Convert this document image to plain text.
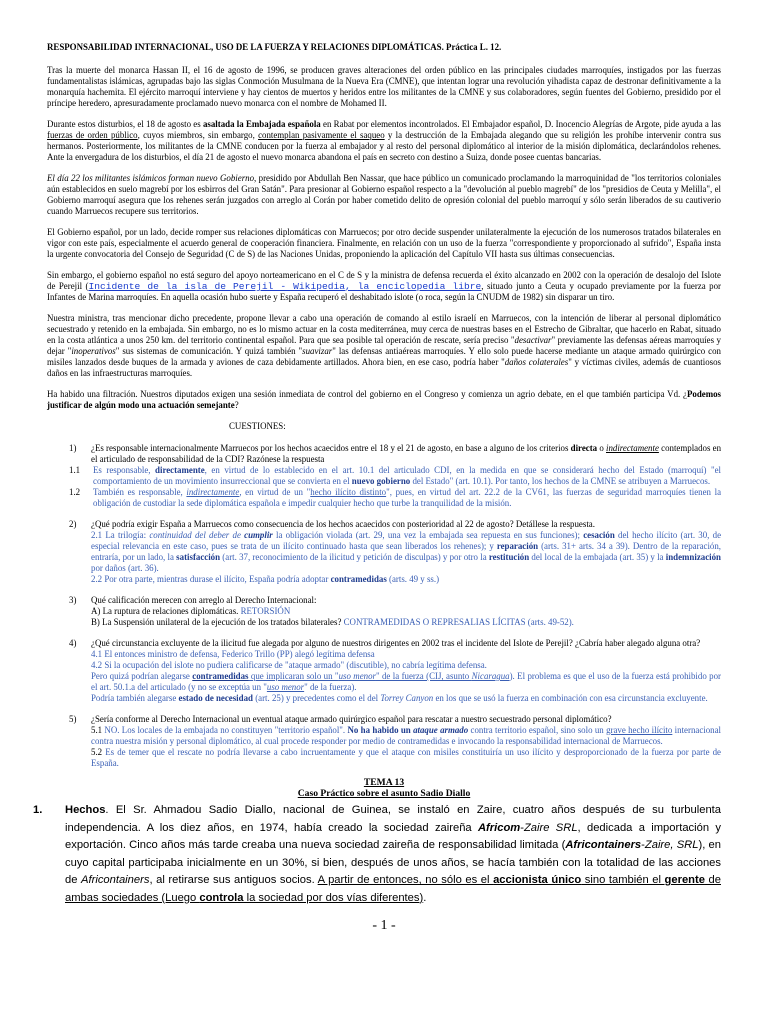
RESPONSABILIDAD INTERNACIONAL, USO DE LA FUERZA Y RELACIONES DIPLOMÁTICAS. Práctica L. 12.

Tras la muerte del monarca Hassan II, el 16 de agosto de 1996, se producen graves alteraciones del orden público en las principales ciudades marroquíes, instigados por las fuerzas fundamentalistas islámicas, agrupadas bajo las siglas Conmoción Musulmana de la Nueva Era (CMNE), que intentan lograr una revolución yihadista capaz de destronar definitivamente a la monarquía hachemita. El ejército marroquí interviene y hay cientos de muertos y heridos entre los militantes de la CMNE y sus colaboradores, según fuentes del Gobierno, presidido por el príncipe heredero, apresuradamente proclamado nuevo monarca con el nombre de Mohamed II.

Durante estos disturbios, el 18 de agosto es asaltada la Embajada española en Rabat por elementos incontrolados. El Embajador español, D. Inocencio Alegrías de Argote, pide ayuda a las fuerzas de orden público, cuyos miembros, sin embargo, contemplan pasivamente el saqueo y la destrucción de la Embajada alegando que su religión les prohíbe intervenir contra sus hermanos. Posteriormente, los militantes de la CMNE conducen por la fuerza al embajador y al resto del personal diplomático al interior de la misión diplomática, declarándolos rehenes. Ante la envergadura de los disturbios, el día 21 de agosto el nuevo monarca abandona el país en secreto con destino a Suiza, donde posee cuentas bancarias.

El día 22 los militantes islámicos forman nuevo Gobierno, presidido por Abdullah Ben Nassar, que hace público un comunicado proclamando la marroquinidad de "los territorios coloniales aún establecidos en suelo magrebí por los esbirros del Gran Satán". Para presionar al Gobierno español respecto a la "devolución al pueblo magrebí" de los "presidios de Ceuta y Melilla", el Gobierno marroquí asegura que los rehenes serán juzgados con arreglo al Corán por haber cometido delito de opresión colonial del pueblo marroquí y sólo serán liberados de su cautiverio cuando Marruecos recupere sus territorios.

El Gobierno español, por un lado, decide romper sus relaciones diplomáticas con Marruecos; por otro decide suspender unilateralmente la ejecución de los numerosos tratados bilaterales en vigor con este país, especialmente el acuerdo general de cooperación financiera. Finalmente, en relación con un uso de la fuerza "correspondiente y proporcionado al sufrido", España insta la urgente convocatoria del Consejo de Seguridad (C de S) de las Naciones Unidas, proponiendo la aplicación del Capítulo VII hasta sus últimas consecuencias.

Sin embargo, el gobierno español no está seguro del apoyo norteamericano en el C de S y la ministra de defensa recuerda el éxito alcanzado en 2002 con la operación de desalojo del Islote de Perejil (Incidente de la isla de Perejil - Wikipedia, la enciclopedia libre, situado junto a Ceuta y ocupado previamente por la fuerza por Infantes de Marina marroquíes. En aquella ocasión hubo suerte y España recuperó el deshabitado islote (o roca, según la CNUDM de 1982) sin disparar un tiro.

Nuestra ministra, tras mencionar dicho precedente, propone llevar a cabo una operación de comando al estilo israelí en Marruecos, con la intención de liberar al personal diplomático secuestrado y retenido en la embajada. Sin embargo, no es lo mismo actuar en la costa mediterránea, muy cerca de nuestras bases en el Estrecho de Gibraltar, que hacerlo en Rabat, situado en la costa atlántica a unos 250 km. del territorio continental español. Para que sea posible tal operación de rescate, sería preciso "desactivar" previamente las defensas aéreas marroquíes y dejar "inoperativos" sus sistemas de comunicación. Y quizá también "suavizar" las defensas antiaéreas marroquíes. Y ello solo puede hacerse mediante un ataque armado quirúrgico con misiles lanzados desde buques de la armada y aviones de caza debidamente artillados. Ahora bien, en ese caso, podría haber "daños colaterales" y víctimas civiles, además de cuantiosos daños en las infraestructuras marroquíes.

Ha habido una filtración. Nuestros diputados exigen una sesión inmediata de control del gobierno en el Congreso y comienza un agrio debate, en el que también participa Vd. ¿Podemos justificar de algún modo una actuación semejante?

CUESTIONES:

1)	¿Es responsable internacionalmente Marruecos por los hechos acaecidos entre el 18 y el 21 de agosto, en base a alguno de los criterios directa o indirectamente contemplados en el articulado de responsabilidad de la CDI? Razónese la respuesta
1.1	Es responsable, directamente, en virtud de lo establecido en el art. 10.1 del articulado CDI, en la medida en que se considerará hecho del Estado (marroquí) "el comportamiento de un movimiento insurreccional que se convierta en el nuevo gobierno del Estado" (art. 10.1). Por tanto, los hechos de la CMNE se atribuyen a Marruecos.
1.2	También es responsable, indirectamente, en virtud de un "hecho ilícito distinto", pues, en virtud del art. 22.2 de la CV61, las fuerzas de seguridad marroquíes tienen la obligación de custodiar la sede diplomática española e impedir cualquier hecho que turbe la tranquilidad de la misión.
2)	¿Qué podría exigir España a Marruecos como consecuencia de los hechos acaecidos con posterioridad al 22 de agosto? Detállese la respuesta.
2.1 La trilogía: continuidad del deber de cumplir la obligación violada (art. 29, una vez la embajada sea repuesta en sus funciones); cesación del hecho ilícito (art. 30, de especial relevancia en este caso, pues se trata de un ilícito continuado hasta que sean liberados los rehenes); y reparación (arts. 31+ arts. 34 a 39). Dentro de la reparación, entraría, por un lado, la satisfacción (art. 37, reconocimiento de la ilicitud y petición de disculpas) y por otro la restitución del local de la embajada (art. 35) y la indemnización por daños (art. 36).
2.2 Por otra parte, mientras durase el ilícito, España podría adoptar contramedidas (arts. 49 y ss.)
3)	Qué calificación merecen con arreglo al Derecho Internacional:
A) La ruptura de relaciones diplomáticas. RETORSIÓN
B) La Suspensión unilateral de la ejecución de los tratados bilaterales? CONTRAMEDIDAS O REPRESALIAS LÍCITAS (arts. 49-52).
4)	¿Qué circunstancia excluyente de la ilicitud fue alegada por alguno de nuestros dirigentes en 2002 tras el incidente del Islote de Perejil? ¿Cabría haber alegado alguna otra?
4.1 El entonces ministro de defensa, Federico Trillo (PP) alegó legítima defensa
4.2 Si la ocupación del islote no pudiera calificarse de "ataque armado" (discutible), no cabría legítima defensa.
Pero quizá podrían alegarse contramedidas que implicaran solo un "uso menor" de la fuerza (CIJ, asunto Nicaragua). El problema es que el uso de la fuerza está prohibido por el art. 50.1.a del articulado (y no se exceptúa un "uso menor" de la fuerza).
Podría también alegarse estado de necesidad (art. 25) y precedentes como el del Torrey Canyon en los que se usó la fuerza en combinación con esa circunstancia excluyente.
5)	¿Sería conforme al Derecho Internacional un eventual ataque armado quirúrgico español para rescatar a nuestro secuestrado personal diplomático?
5.1 NO. Los locales de la embajada no constituyen "territorio español". No ha habido un ataque armado contra territorio español, sino solo un grave hecho ilícito internacional contra nuestra misión y personal diplomático, al cual procede responder por medio de contramedidas e invocando la responsabilidad internacional de Marruecos.
5.2 Es de temer que el rescate no podría llevarse a cabo incruentamente y que el ataque con misiles constituiría un uso ilícito y desproporcionado de la fuerza por parte de España.
TEMA 13
Caso Práctico sobre el asunto Sadio Diallo
1.	Hechos. El Sr. Ahmadou Sadio Diallo, nacional de Guinea, se instaló en Zaire, cuatro años después de su turbulenta independencia. A los diez años, en 1974, había creado la sociedad zaireña Africom-Zaire SRL, dedicada a importación y exportación. Cinco años más tarde creaba una nueva sociedad zaireña de responsabilidad limitada (Africontainers-Zaire, SRL), en cuyo capital participaba inicialmente en un 30%, si bien, después de unos años, se hacía también con la totalidad de las acciones de Africontainers, al retirarse sus antiguos socios. A partir de entonces, no sólo es el accionista único sino también el gerente de ambas sociedades (Luego controla la sociedad por dos vías diferentes).
- 1 -
